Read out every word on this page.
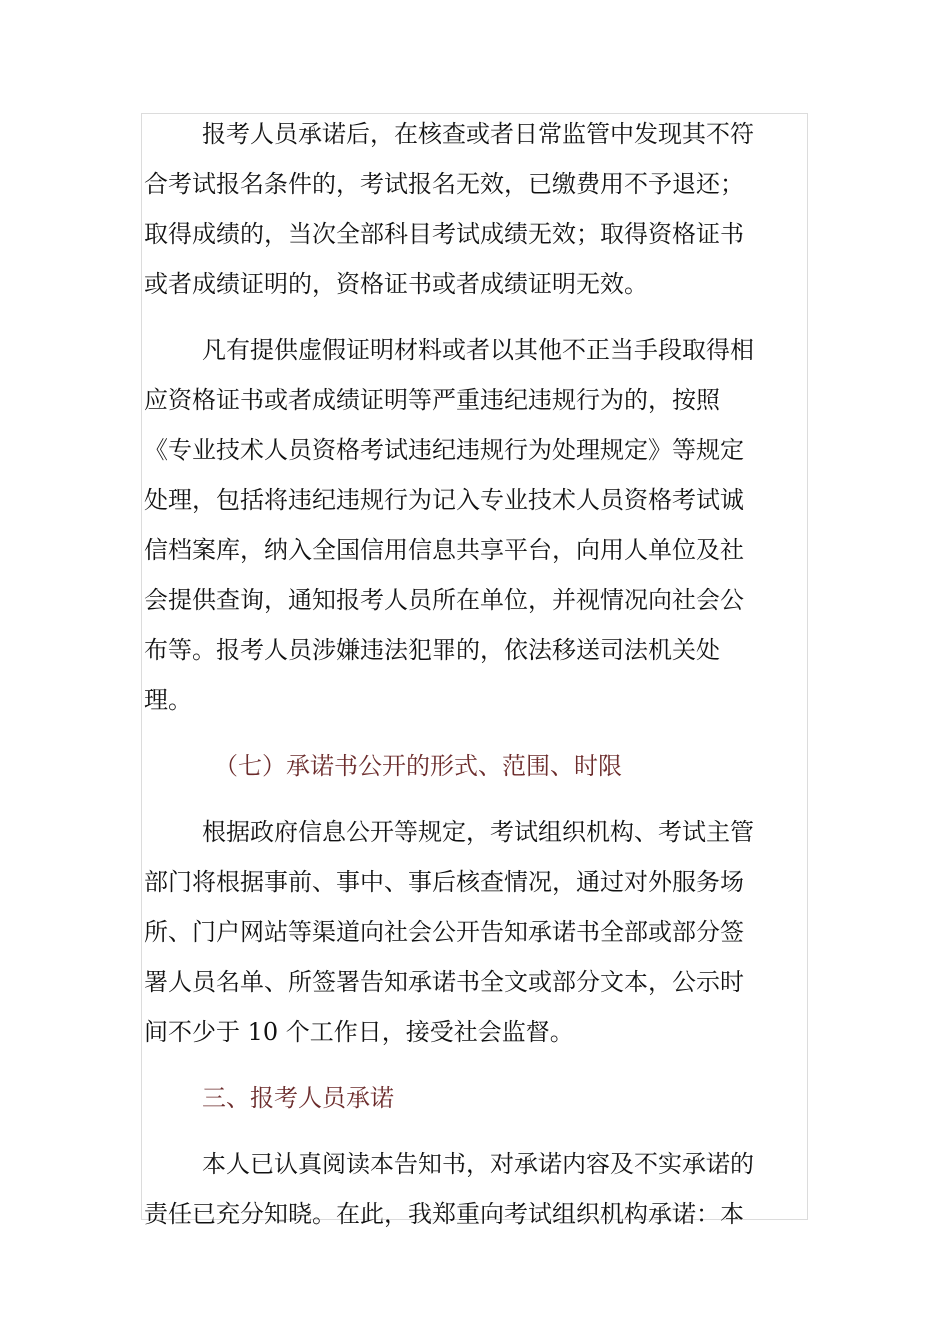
报考人员承诺后，在核查或者日常监管中发现其不符
合考试报名条件的，考试报名无效，已缴费用不予退还；
取得成绩的，当次全部科目考试成绩无效；取得资格证书
或者成绩证明的，资格证书或者成绩证明无效。
凡有提供虚假证明材料或者以其他不正当手段取得相
应资格证书或者成绩证明等严重违纪违规行为的，按照
《专业技术人员资格考试违纪违规行为处理规定》等规定
处理，包括将违纪违规行为记入专业技术人员资格考试诚
信档案库，纳入全国信用信息共享平台，向用人单位及社
会提供查询，通知报考人员所在单位，并视情况向社会公
布等。报考人员涉嫌违法犯罪的，依法移送司法机关处
理。
（七）承诺书公开的形式、范围、时限
根据政府信息公开等规定，考试组织机构、考试主管
部门将根据事前、事中、事后核查情况，通过对外服务场
所、门户网站等渠道向社会公开告知承诺书全部或部分签
署人员名单、所签署告知承诺书全文或部分文本，公示时
间不少于 10 个工作日，接受社会监督。
三、报考人员承诺
本人已认真阅读本告知书，对承诺内容及不实承诺的
责任已充分知晓。在此，我郑重向考试组织机构承诺：本
